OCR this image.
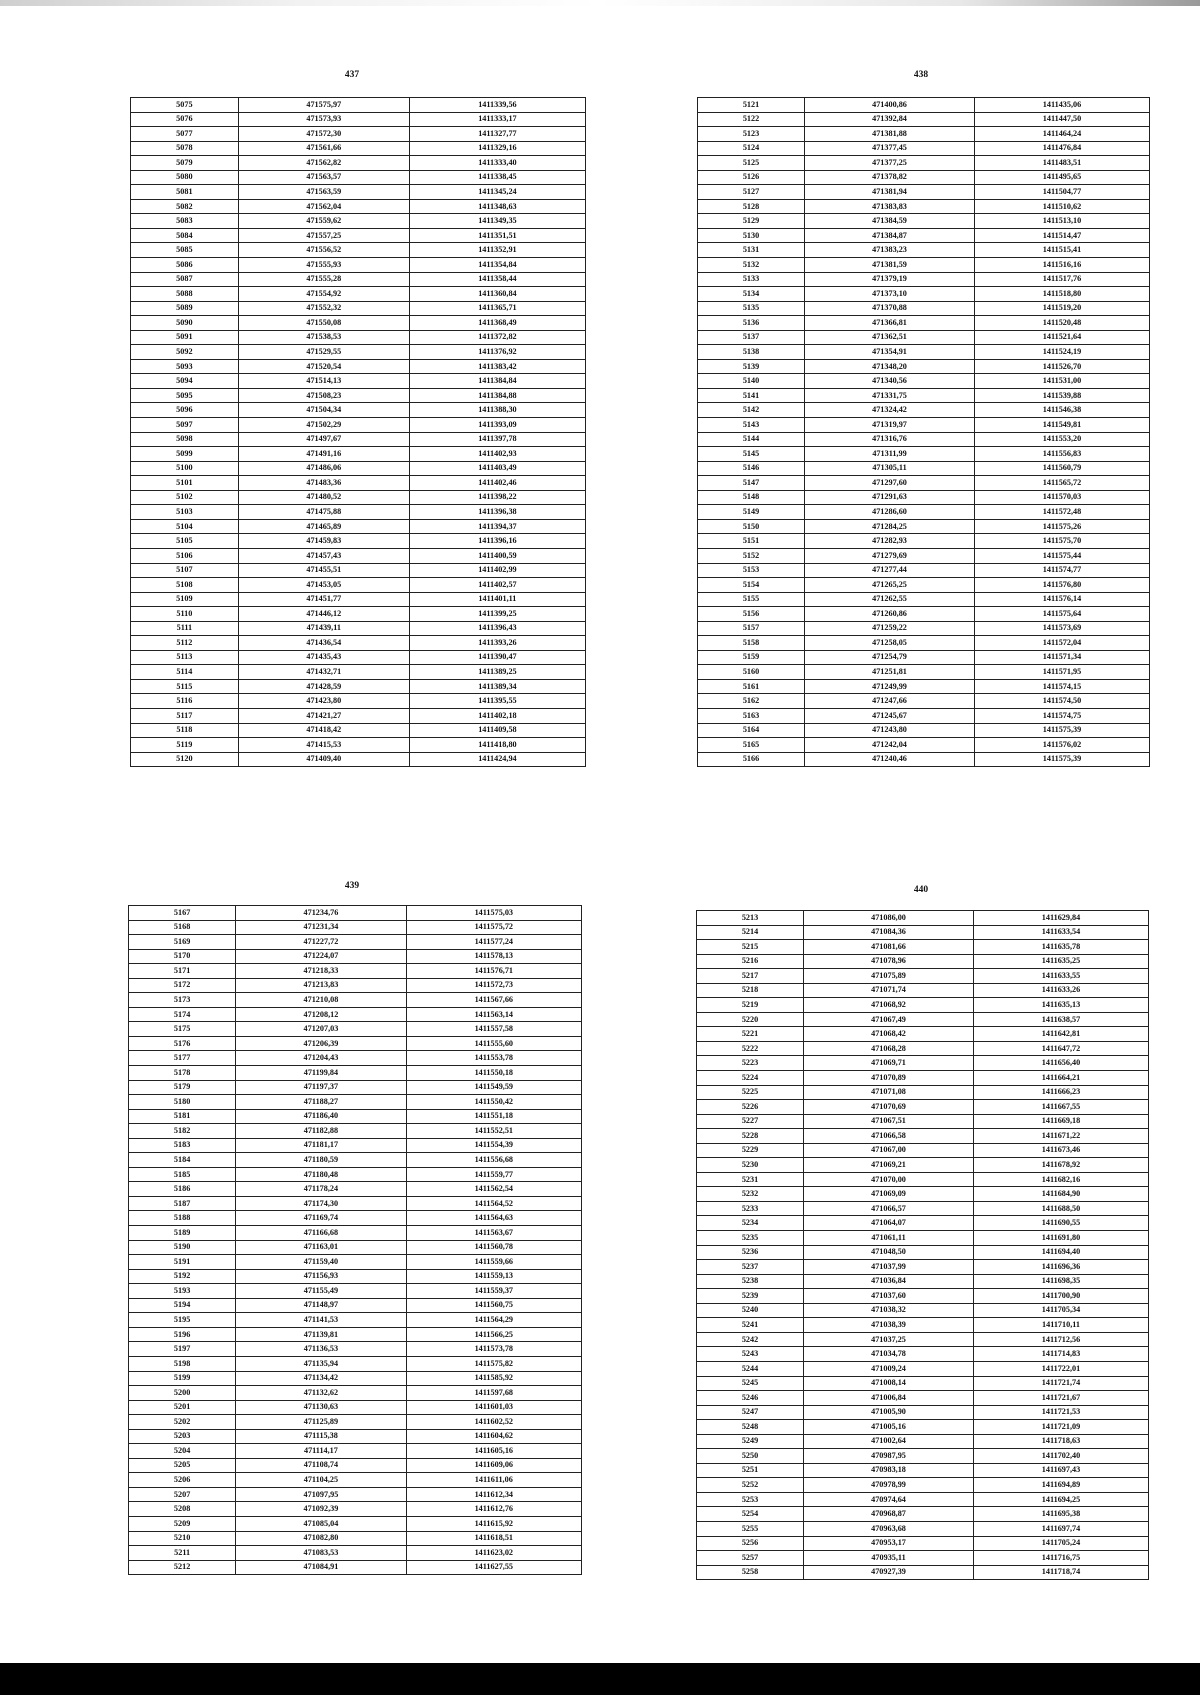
437
5075	471575,97	1411339,56
5076	471573,93	1411333,17
5077	471572,30	1411327,77
5078	471561,66	1411329,16
5079	471562,82	1411333,40
5080	471563,57	1411338,45
5081	471563,59	1411345,24
5082	471562,04	1411348,63
5083	471559,62	1411349,35
5084	471557,25	1411351,51
5085	471556,52	1411352,91
5086	471555,93	1411354,84
5087	471555,28	1411358,44
5088	471554,92	1411360,84
5089	471552,32	1411365,71
5090	471550,08	1411368,49
5091	471538,53	1411372,82
5092	471529,55	1411376,92
5093	471520,54	1411383,42
5094	471514,13	1411384,84
5095	471508,23	1411384,88
5096	471504,34	1411388,30
5097	471502,29	1411393,09
5098	471497,67	1411397,78
5099	471491,16	1411402,93
5100	471486,06	1411403,49
5101	471483,36	1411402,46
5102	471480,52	1411398,22
5103	471475,88	1411396,38
5104	471465,89	1411394,37
5105	471459,83	1411396,16
5106	471457,43	1411400,59
5107	471455,51	1411402,99
5108	471453,05	1411402,57
5109	471451,77	1411401,11
5110	471446,12	1411399,25
5111	471439,11	1411396,43
5112	471436,54	1411393,26
5113	471435,43	1411390,47
5114	471432,71	1411389,25
5115	471428,59	1411389,34
5116	471423,80	1411395,55
5117	471421,27	1411402,18
5118	471418,42	1411409,58
5119	471415,53	1411418,80
5120	471409,40	1411424,94
438
5121	471400,86	1411435,06
5122	471392,84	1411447,50
5123	471381,88	1411464,24
5124	471377,45	1411476,84
5125	471377,25	1411483,51
5126	471378,82	1411495,65
5127	471381,94	1411504,77
5128	471383,83	1411510,62
5129	471384,59	1411513,10
5130	471384,87	1411514,47
5131	471383,23	1411515,41
5132	471381,59	1411516,16
5133	471379,19	1411517,76
5134	471373,10	1411518,80
5135	471370,88	1411519,20
5136	471366,81	1411520,48
5137	471362,51	1411521,64
5138	471354,91	1411524,19
5139	471348,20	1411526,70
5140	471340,56	1411531,00
5141	471331,75	1411539,88
5142	471324,42	1411546,38
5143	471319,97	1411549,81
5144	471316,76	1411553,20
5145	471311,99	1411556,83
5146	471305,11	1411560,79
5147	471297,60	1411565,72
5148	471291,63	1411570,03
5149	471286,60	1411572,48
5150	471284,25	1411575,26
5151	471282,93	1411575,70
5152	471279,69	1411575,44
5153	471277,44	1411574,77
5154	471265,25	1411576,80
5155	471262,55	1411576,14
5156	471260,86	1411575,64
5157	471259,22	1411573,69
5158	471258,05	1411572,04
5159	471254,79	1411571,34
5160	471251,81	1411571,95
5161	471249,99	1411574,15
5162	471247,66	1411574,50
5163	471245,67	1411574,75
5164	471243,80	1411575,39
5165	471242,04	1411576,02
5166	471240,46	1411575,39
439
5167	471234,76	1411575,03
5168	471231,34	1411575,72
5169	471227,72	1411577,24
5170	471224,07	1411578,13
5171	471218,33	1411576,71
5172	471213,83	1411572,73
5173	471210,08	1411567,66
5174	471208,12	1411563,14
5175	471207,03	1411557,58
5176	471206,39	1411555,60
5177	471204,43	1411553,78
5178	471199,84	1411550,18
5179	471197,37	1411549,59
5180	471188,27	1411550,42
5181	471186,40	1411551,18
5182	471182,88	1411552,51
5183	471181,17	1411554,39
5184	471180,59	1411556,68
5185	471180,48	1411559,77
5186	471178,24	1411562,54
5187	471174,30	1411564,52
5188	471169,74	1411564,63
5189	471166,68	1411563,67
5190	471163,01	1411560,78
5191	471159,40	1411559,66
5192	471156,93	1411559,13
5193	471155,49	1411559,37
5194	471148,97	1411560,75
5195	471141,53	1411564,29
5196	471139,81	1411566,25
5197	471136,53	1411573,78
5198	471135,94	1411575,82
5199	471134,42	1411585,92
5200	471132,62	1411597,68
5201	471130,63	1411601,03
5202	471125,89	1411602,52
5203	471115,38	1411604,62
5204	471114,17	1411605,16
5205	471108,74	1411609,06
5206	471104,25	1411611,06
5207	471097,95	1411612,34
5208	471092,39	1411612,76
5209	471085,04	1411615,92
5210	471082,80	1411618,51
5211	471083,53	1411623,02
5212	471084,91	1411627,55
440
5213	471086,00	1411629,84
5214	471084,36	1411633,54
5215	471081,66	1411635,78
5216	471078,96	1411635,25
5217	471075,89	1411633,55
5218	471071,74	1411633,26
5219	471068,92	1411635,13
5220	471067,49	1411638,57
5221	471068,42	1411642,81
5222	471068,28	1411647,72
5223	471069,71	1411656,40
5224	471070,89	1411664,21
5225	471071,08	1411666,23
5226	471070,69	1411667,55
5227	471067,51	1411669,18
5228	471066,58	1411671,22
5229	471067,00	1411673,46
5230	471069,21	1411678,92
5231	471070,00	1411682,16
5232	471069,09	1411684,90
5233	471066,57	1411688,50
5234	471064,07	1411690,55
5235	471061,11	1411691,80
5236	471048,50	1411694,40
5237	471037,99	1411696,36
5238	471036,84	1411698,35
5239	471037,60	1411700,90
5240	471038,32	1411705,34
5241	471038,39	1411710,11
5242	471037,25	1411712,56
5243	471034,78	1411714,83
5244	471009,24	1411722,01
5245	471008,14	1411721,74
5246	471006,84	1411721,67
5247	471005,90	1411721,53
5248	471005,16	1411721,09
5249	471002,64	1411718,63
5250	470987,95	1411702,40
5251	470983,18	1411697,43
5252	470978,99	1411694,89
5253	470974,64	1411694,25
5254	470968,87	1411695,38
5255	470963,68	1411697,74
5256	470953,17	1411705,24
5257	470935,11	1411716,75
5258	470927,39	1411718,74
